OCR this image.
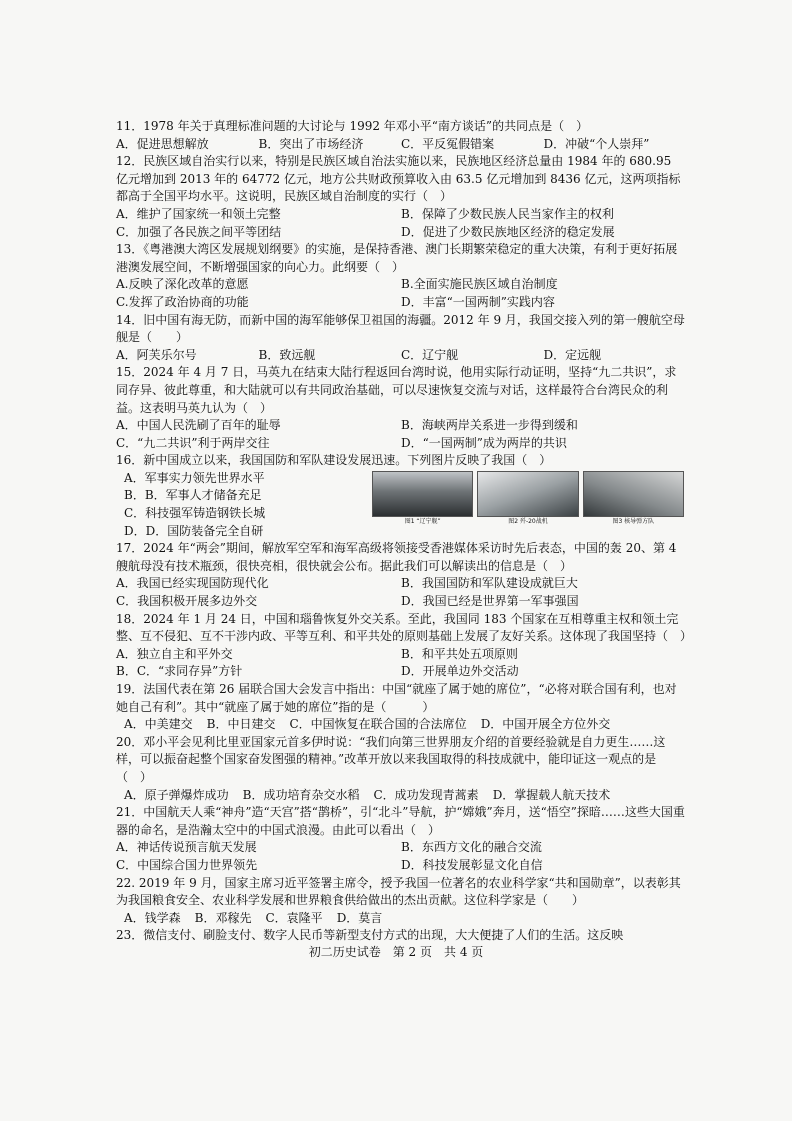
11．1978 年关于真理标准问题的大讨论与 1992 年邓小平“南方谈话”的共同点是（　）

A．促进思想解放	B．突出了市场经济	C．平反冤假错案	D．冲破“个人崇拜”

12．民族区域自治实行以来，特别是民族区域自治法实施以来，民族地区经济总量由 1984 年的 680.95 亿元增加到 2013 年的 64772 亿元，地方公共财政预算收入由 63.5 亿元增加到 8436 亿元，这两项指标都高于全国平均水平。这说明，民族区域自治制度的实行（　）

A．维护了国家统一和领土完整	B．保障了少数民族人民当家作主的权利
C．加强了各民族之间平等团结	D．促进了少数民族地区经济的稳定发展

13．《粤港澳大湾区发展规划纲要》的实施，是保持香港、澳门长期繁荣稳定的重大决策，有利于更好拓展港澳发展空间，不断增强国家的向心力。此纲要（　）

A.反映了深化改革的意愿	B.全面实施民族区域自治制度
C.发挥了政治协商的功能	D．丰富“一国两制”实践内容

14．旧中国有海无防，而新中国的海军能够保卫祖国的海疆。2012 年 9 月，我国交接入列的第一艘航空母舰是（　　）

A．阿芙乐尔号	B．致远舰	C．辽宁舰	D．定远舰

15．2024 年 4 月 7 日，马英九在结束大陆行程返回台湾时说，他用实际行动证明，坚持“九二共识”，求同存异、彼此尊重，和大陆就可以有共同政治基础，可以尽速恢复交流与对话，这样最符合台湾民众的利益。这表明马英九认为（　）

A．中国人民洗刷了百年的耻辱	B．海峡两岸关系进一步得到缓和
C．“九二共识”利于两岸交往	D．“一国两制”成为两岸的共识

16．新中国成立以来，我国国防和军队建设发展迅速。下列图片反映了我国（　）

A．军事实力领先世界水平
B．B．军事人才储备充足
C．科技强军铸造钢铁长城
D．D．国防装备完全自研
图1 “辽宁舰”	图2 歼-20战机	图3 核导弹方队

17．2024 年“两会”期间，解放军空军和海军高级将领接受香港媒体采访时先后表态，中国的轰 20、第 4 艘航母没有技术瓶颈，很快亮相，很快就会公布。据此我们可以解读出的信息是（　）

A．我国已经实现国防现代化	B．我国国防和军队建设成就巨大
C．我国积极开展多边外交	D．我国已经是世界第一军事强国

18．2024 年 1 月 24 日，中国和瑙鲁恢复外交关系。至此，我国同 183 个国家在互相尊重主权和领土完整、互不侵犯、互不干涉内政、平等互利、和平共处的原则基础上发展了友好关系。这体现了我国坚持（　）

A．独立自主和平外交	B．和平共处五项原则
B．C．“求同存异”方针	D．开展单边外交活动

19．法国代表在第 26 届联合国大会发言中指出：中国“就座了属于她的席位”，“必将对联合国有利，也对她自己有利”。其中“就座了属于她的席位”指的是（　　　）

A．中美建交 B．中日建交 C．中国恢复在联合国的合法席位 D．中国开展全方位外交

20．邓小平会见利比里亚国家元首多伊时说：“我们向第三世界朋友介绍的首要经验就是自力更生……这样，可以振奋起整个国家奋发图强的精神。”改革开放以来我国取得的科技成就中，能印证这一观点的是（　）

A．原子弹爆炸成功 B．成功培育杂交水稻 C．成功发现青蒿素 D．掌握载人航天技术

21．中国航天人乘“神舟”造“天宫”搭“鹊桥”，引“北斗”导航，护“嫦娥”奔月，送“悟空”探暗……这些大国重器的命名，是浩瀚太空中的中国式浪漫。由此可以看出（　）

A．神话传说预言航天发展	B．东西方文化的融合交流
C．中国综合国力世界领先	D．科技发展彰显文化自信

22. 2019 年 9 月，国家主席习近平签署主席令，授予我国一位著名的农业科学家“共和国勋章”，以表彰其为我国粮食安全、农业科学发展和世界粮食供给做出的杰出贡献。这位科学家是（　　）

A．钱学森 B．邓稼先 C．袁隆平 D．莫言

23．微信支付、刷脸支付、数字人民币等新型支付方式的出现，大大便捷了人们的生活。这反映

初二历史试卷　第 2 页　共 4 页
